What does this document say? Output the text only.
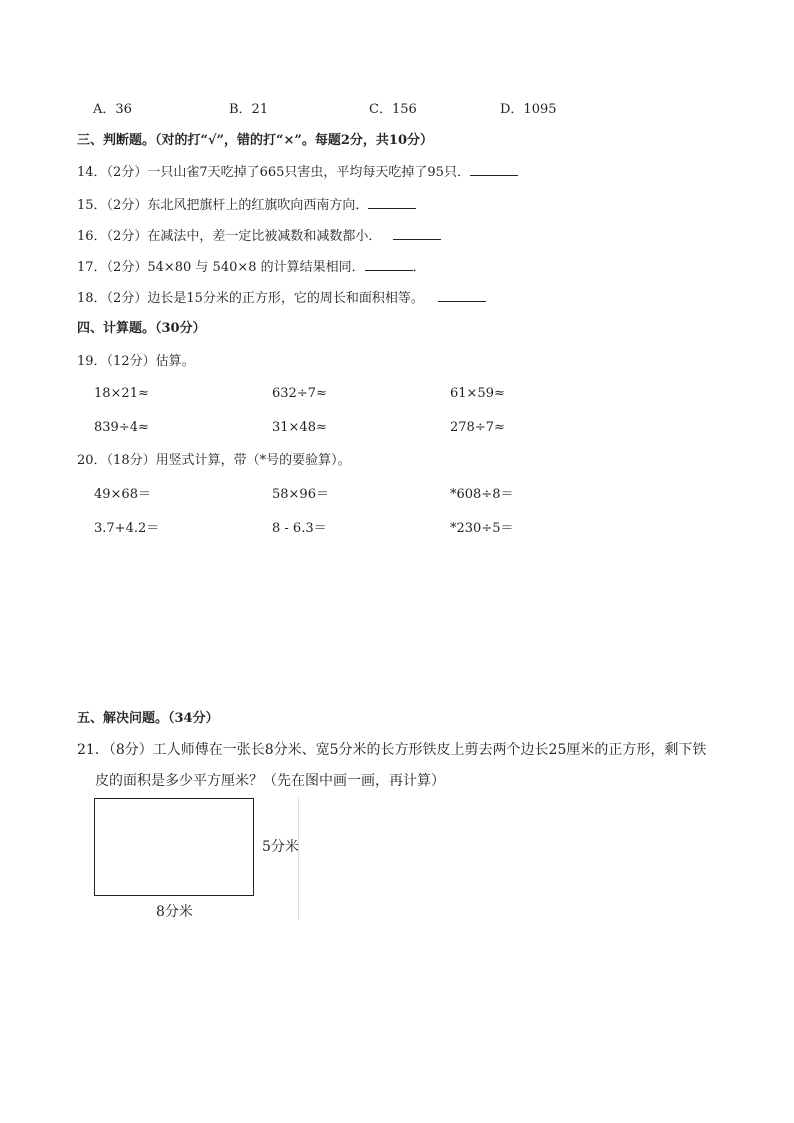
A．36	B．21	C．156	D．1095
三、判断题。（对的打“√”，错的打“×”。每题2分，共10分）
14．（2分）一只山雀7天吃掉了665只害虫，平均每天吃掉了95只．
15．（2分）东北风把旗杆上的红旗吹向西南方向．
16．（2分）在减法中，差一定比被减数和减数都小．
17．（2分）54×80 与 540×8 的计算结果相同．	．
18．（2分）边长是15分米的正方形，它的周长和面积相等。
四、计算题。（30分）
19．（12分）估算。
18×21≈	632÷7≈	61×59≈
839÷4≈	31×48≈	278÷7≈
20．（18分）用竖式计算，带（*号的要验算）。
49×68＝	58×96＝	*608÷8＝
3.7+4.2＝	8 - 6.3＝	*230÷5＝
五、解决问题。（34分）
21．（8分）工人师傅在一张长8分米、宽5分米的长方形铁皮上剪去两个边长25厘米的正方形，剩下铁
皮的面积是多少平方厘米？（先在图中画一画，再计算）
5分米
8分米
